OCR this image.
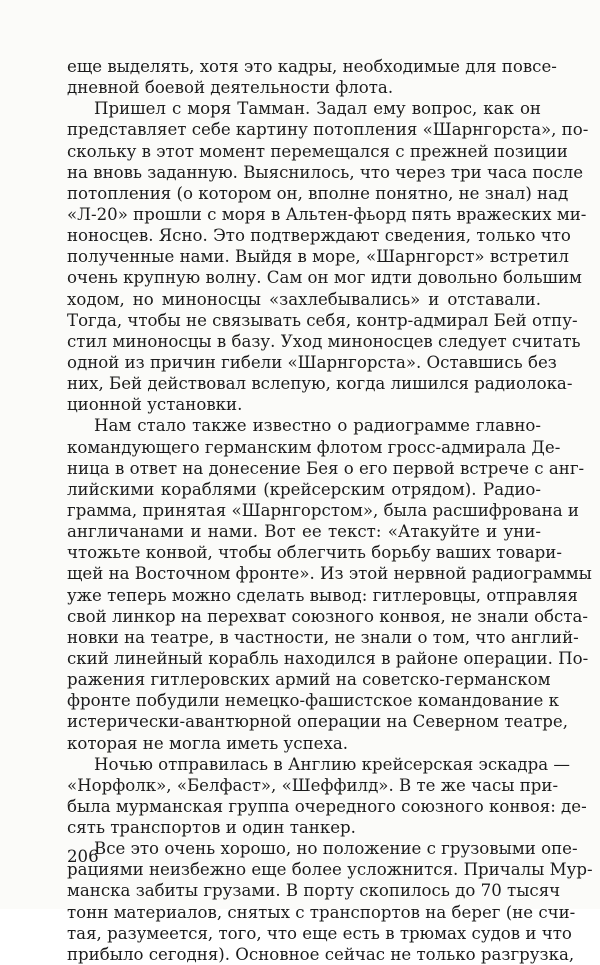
еще выделять, хотя это кадры, необходимые для повсе-
дневной боевой деятельности флота.
Пришел с моря Тамман. Задал ему вопрос, как он
представляет себе картину потопления «Шарнгорста», по-
скольку в этот момент перемещался с прежней позиции
на вновь заданную. Выяснилось, что через три часа после
потопления (о котором он, вполне понятно, не знал) над
«Л-20» прошли с моря в Альтен-фьорд пять вражеских ми-
ноносцев. Ясно. Это подтверждают сведения, только что
полученные нами. Выйдя в море, «Шарнгорст» встретил
очень крупную волну. Сам он мог идти довольно большим
ходом, но миноносцы «захлебывались» и отставали.
Тогда, чтобы не связывать себя, контр-адмирал Бей отпу-
стил миноносцы в базу. Уход миноносцев следует считать
одной из причин гибели «Шарнгорста». Оставшись без
них, Бей действовал вслепую, когда лишился радиолока-
ционной установки.
Нам стало также известно о радиограмме главно-
командующего германским флотом гросс-адмирала Де-
ница в ответ на донесение Бея о его первой встрече с анг-
лийскими кораблями (крейсерским отрядом). Радио-
грамма, принятая «Шарнгорстом», была расшифрована и
англичанами и нами. Вот ее текст: «Атакуйте и уни-
чтожьте конвой, чтобы облегчить борьбу ваших товари-
щей на Восточном фронте». Из этой нервной радиограммы
уже теперь можно сделать вывод: гитлеровцы, отправляя
свой линкор на перехват союзного конвоя, не знали обста-
новки на театре, в частности, не знали о том, что англий-
ский линейный корабль находился в районе операции. По-
ражения гитлеровских армий на советско-германском
фронте побудили немецко-фашистское командование к
истерически-авантюрной операции на Северном театре,
которая не могла иметь успеха.
Ночью отправилась в Англию крейсерская эскадра —
«Норфолк», «Белфаст», «Шеффилд». В те же часы при-
была мурманская группа очередного союзного конвоя: де-
сять транспортов и один танкер.
Все это очень хорошо, но положение с грузовыми опе-
рациями неизбежно еще более усложнится. Причалы Мур-
манска забиты грузами. В порту скопилось до 70 тысяч
тонн материалов, снятых с транспортов на берег (не счи-
тая, разумеется, того, что еще есть в трюмах судов и что
прибыло сегодня). Основное сейчас не только разгрузка,
206
